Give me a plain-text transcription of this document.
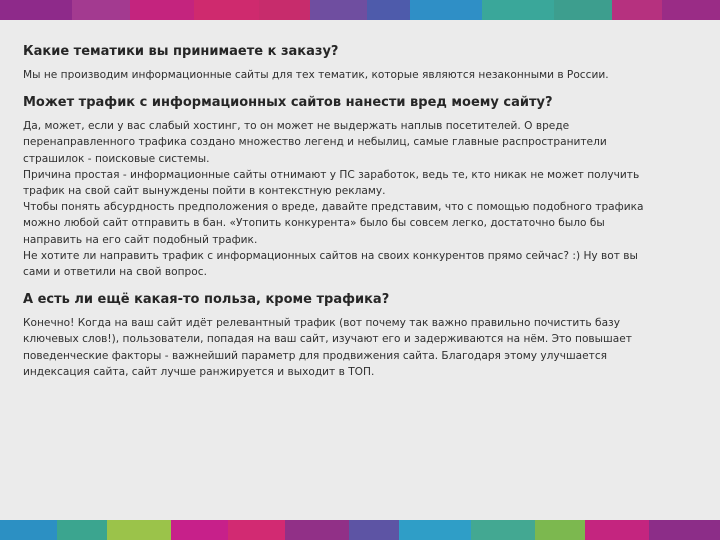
Какие тематики вы принимаете к заказу?

Мы не производим информационные сайты для тех тематик, которые являются незаконными в России.

Может трафик с информационных сайтов нанести вред моему сайту?

Да, может, если у вас слабый хостинг, то он может не выдержать наплыв посетителей. О вреде
перенаправленного трафика создано множество легенд и небылиц, самые главные распространители
страшилок - поисковые системы.
Причина простая - информационные сайты отнимают у ПС заработок, ведь те, кто никак не может получить
трафик на свой сайт вынуждены пойти в контекстную рекламу.
Чтобы понять абсурдность предположения о вреде, давайте представим, что с помощью подобного трафика
можно любой сайт отправить в бан. «Утопить конкурента» было бы совсем легко, достаточно было бы
направить на его сайт подобный трафик.
Не хотите ли направить трафик с информационных сайтов на своих конкурентов прямо сейчас? :) Ну вот вы
сами и ответили на свой вопрос.

А есть ли ещё какая-то польза, кроме трафика?

Конечно! Когда на ваш сайт идёт релевантный трафик (вот почему так важно правильно почистить базу
ключевых слов!), пользователи, попадая на ваш сайт, изучают его и задерживаются на нём. Это повышает
поведенческие факторы - важнейший параметр для продвижения сайта. Благодаря этому улучшается
индексация сайта, сайт лучше ранжируется и выходит в ТОП.
